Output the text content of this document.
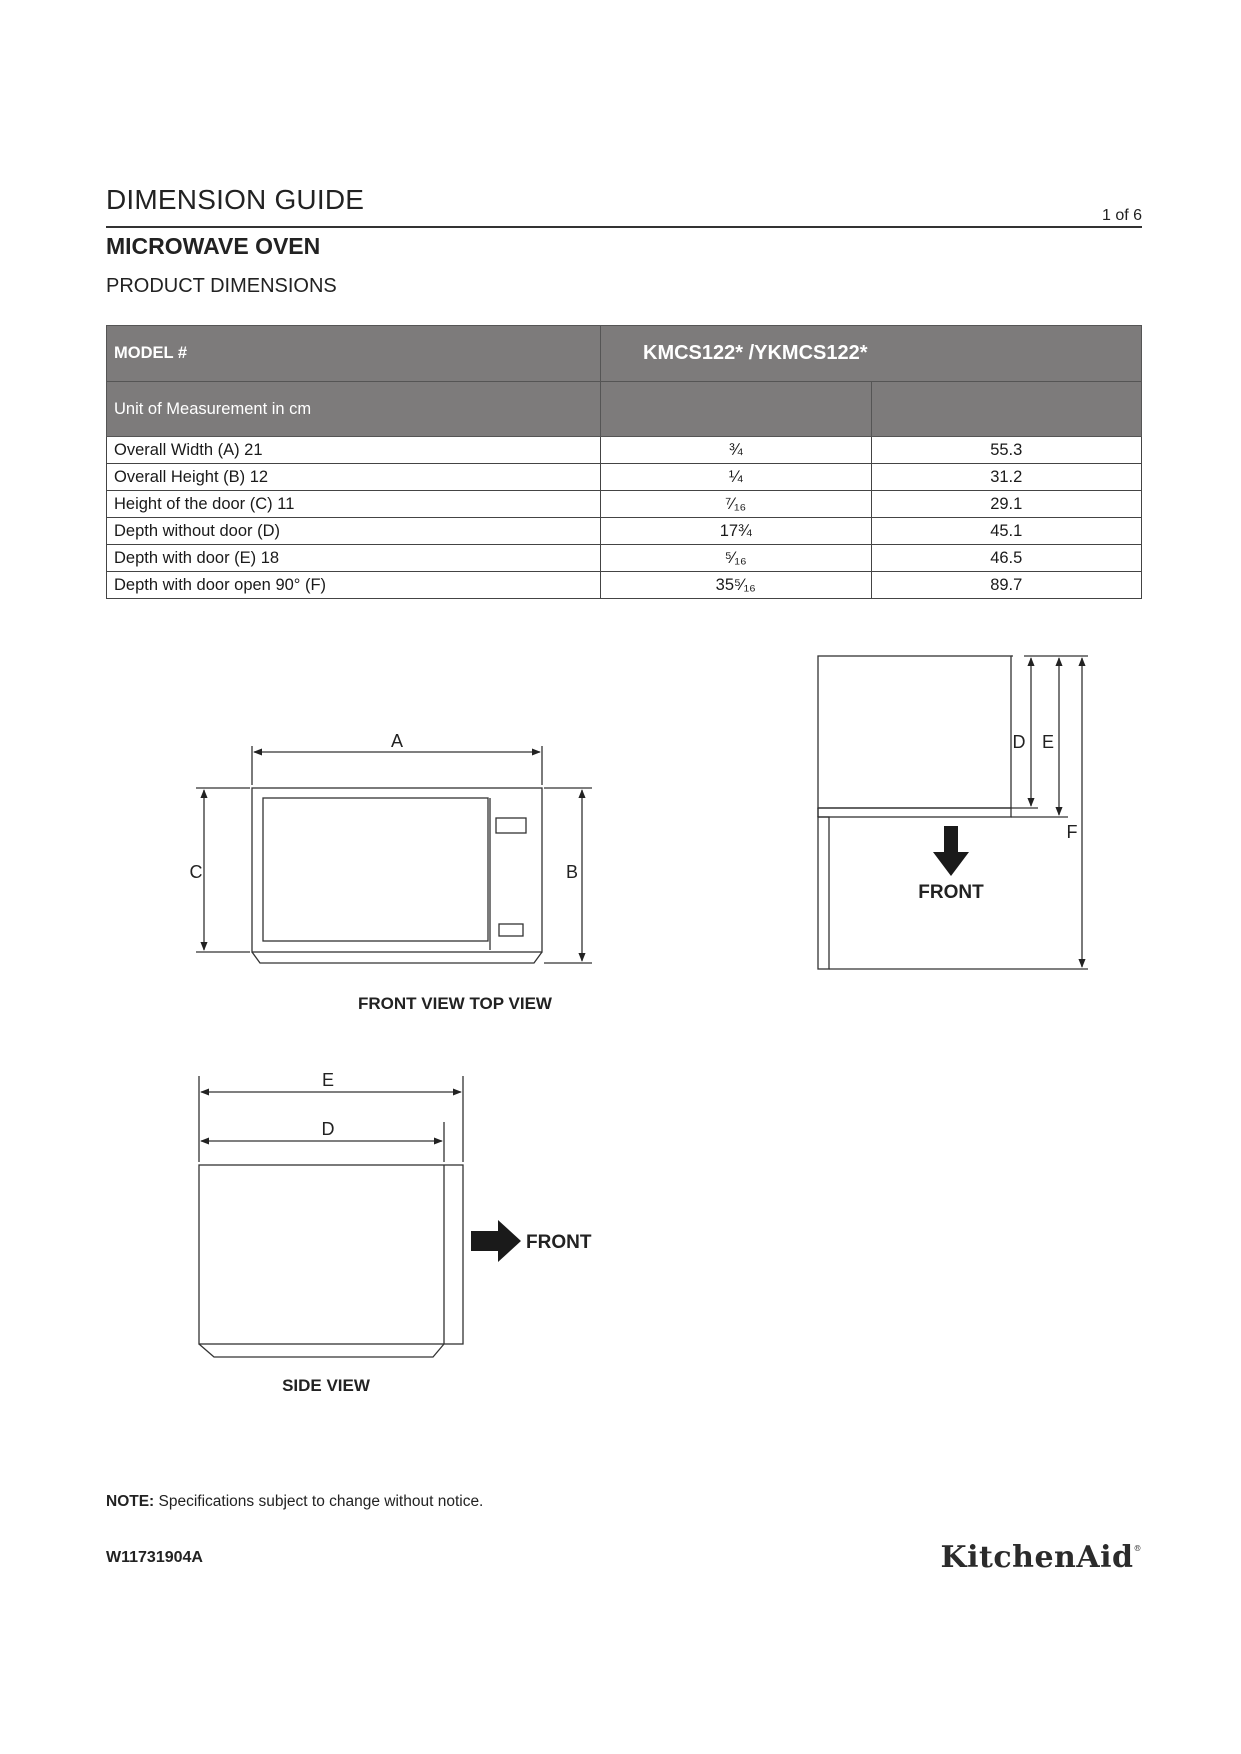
DIMENSION GUIDE
1 of 6
MICROWAVE OVEN
PRODUCT DIMENSIONS
MODEL #	KMCS122* /YKMCS122*	
Unit of Measurement in cm		
Overall Width (A) 21	¾	55.3
Overall Height (B) 12	¼	31.2
Height of the door (C) 11	⁷⁄₁₆	29.1
Depth without door (D)	17¾	45.1
Depth with door (E) 18	⁵⁄₁₆	46.5
Depth with door open 90° (F)	35⁵⁄₁₆	89.7
A
C	B
FRONT VIEW TOP VIEW
D E
F
FRONT
E
D
FRONT
SIDE VIEW
NOTE: Specifications subject to change without notice.
W11731904A	KitchenAid®
